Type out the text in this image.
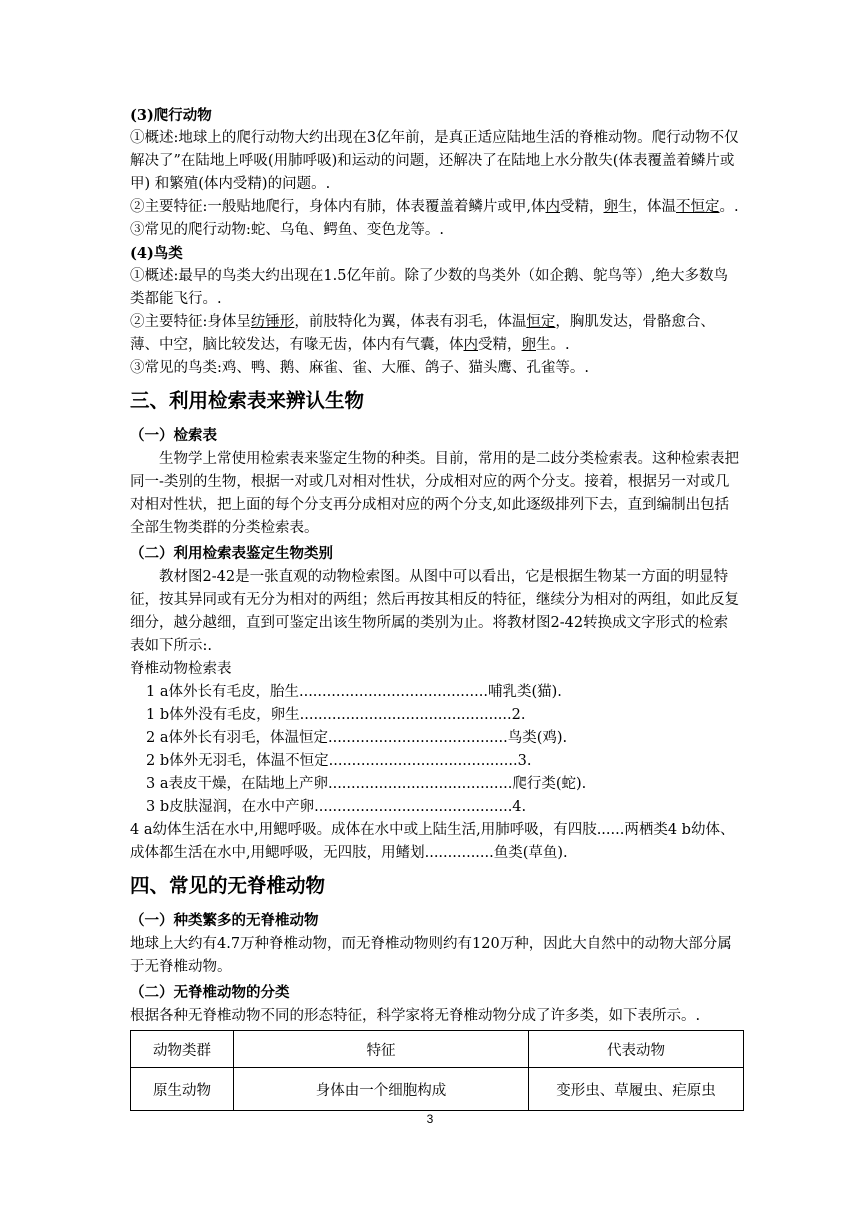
(3)爬行动物

①概述:地球上的爬行动物大约出现在3亿年前，是真正适应陆地生活的脊椎动物。爬行动物不仅解决了”在陆地上呼吸(用肺呼吸)和运动的问题，还解决了在陆地上水分散失(体表覆盖着鳞片或甲) 和繁殖(体内受精)的问题。.

②主要特征:一般贴地爬行，身体内有肺，体表覆盖着鳞片或甲,体内受精，卵生，体温不恒定。.

③常见的爬行动物:蛇、乌龟、鳄鱼、变色龙等。.

(4)鸟类

①概述:最早的鸟类大约出现在1.5亿年前。除了少数的鸟类外（如企鹅、鸵鸟等）,绝大多数鸟类都能飞行。.

②主要特征:身体呈纺锤形，前肢特化为翼，体表有羽毛，体温恒定，胸肌发达，骨骼愈合、薄、中空，脑比较发达，有喙无齿，体内有气囊，体内受精，卵生。.

③常见的鸟类:鸡、鸭、鹅、麻雀、雀、大雁、鸽子、猫头鹰、孔雀等。.

三、利用检索表来辨认生物

（一）检索表

生物学上常使用检索表来鉴定生物的种类。目前，常用的是二歧分类检索表。这种检索表把同一-类别的生物，根据一对或几对相对性状，分成相对应的两个分支。接着，根据另一对或几对相对性状，把上面的每个分支再分成相对应的两个分支,如此逐级排列下去，直到编制出包括全部生物类群的分类检索表。

（二）利用检索表鉴定生物类别

教材图2-42是一张直观的动物检索图。从图中可以看出，它是根据生物某一方面的明显特征，按其异同或有无分为相对的两组；然后再按其相反的特征，继续分为相对的两组，如此反复细分，越分越细，直到可鉴定出该生物所属的类别为止。将教材图2-42转换成文字形式的检索表如下所示:.

脊椎动物检索表

1 a体外长有毛皮，胎生.........................................哺乳类(猫).

1 b体外没有毛皮，卵生..............................................2.

2 a体外长有羽毛，体温恒定.......................................鸟类(鸡).

2 b体外无羽毛，体温不恒定.........................................3.

3 a表皮干燥，在陆地上产卵........................................爬行类(蛇).

3 b皮肤湿润，在水中产卵...........................................4.

4 a幼体生活在水中,用鳃呼吸。成体在水中或上陆生活,用肺呼吸，有四肢......两栖类4 b幼体、成体都生活在水中,用鳃呼吸，无四肢，用鳍划...............鱼类(草鱼).

四、常见的无脊椎动物

（一）种类繁多的无脊椎动物

地球上大约有4.7万种脊椎动物，而无脊椎动物则约有120万种，因此大自然中的动物大部分属于无脊椎动物。

（二）无脊椎动物的分类

根据各种无脊椎动物不同的形态特征，科学家将无脊椎动物分成了许多类，如下表所示。.

动物类群	特征	代表动物
原生动物	身体由一个细胞构成	变形虫、草履虫、疟原虫
3
